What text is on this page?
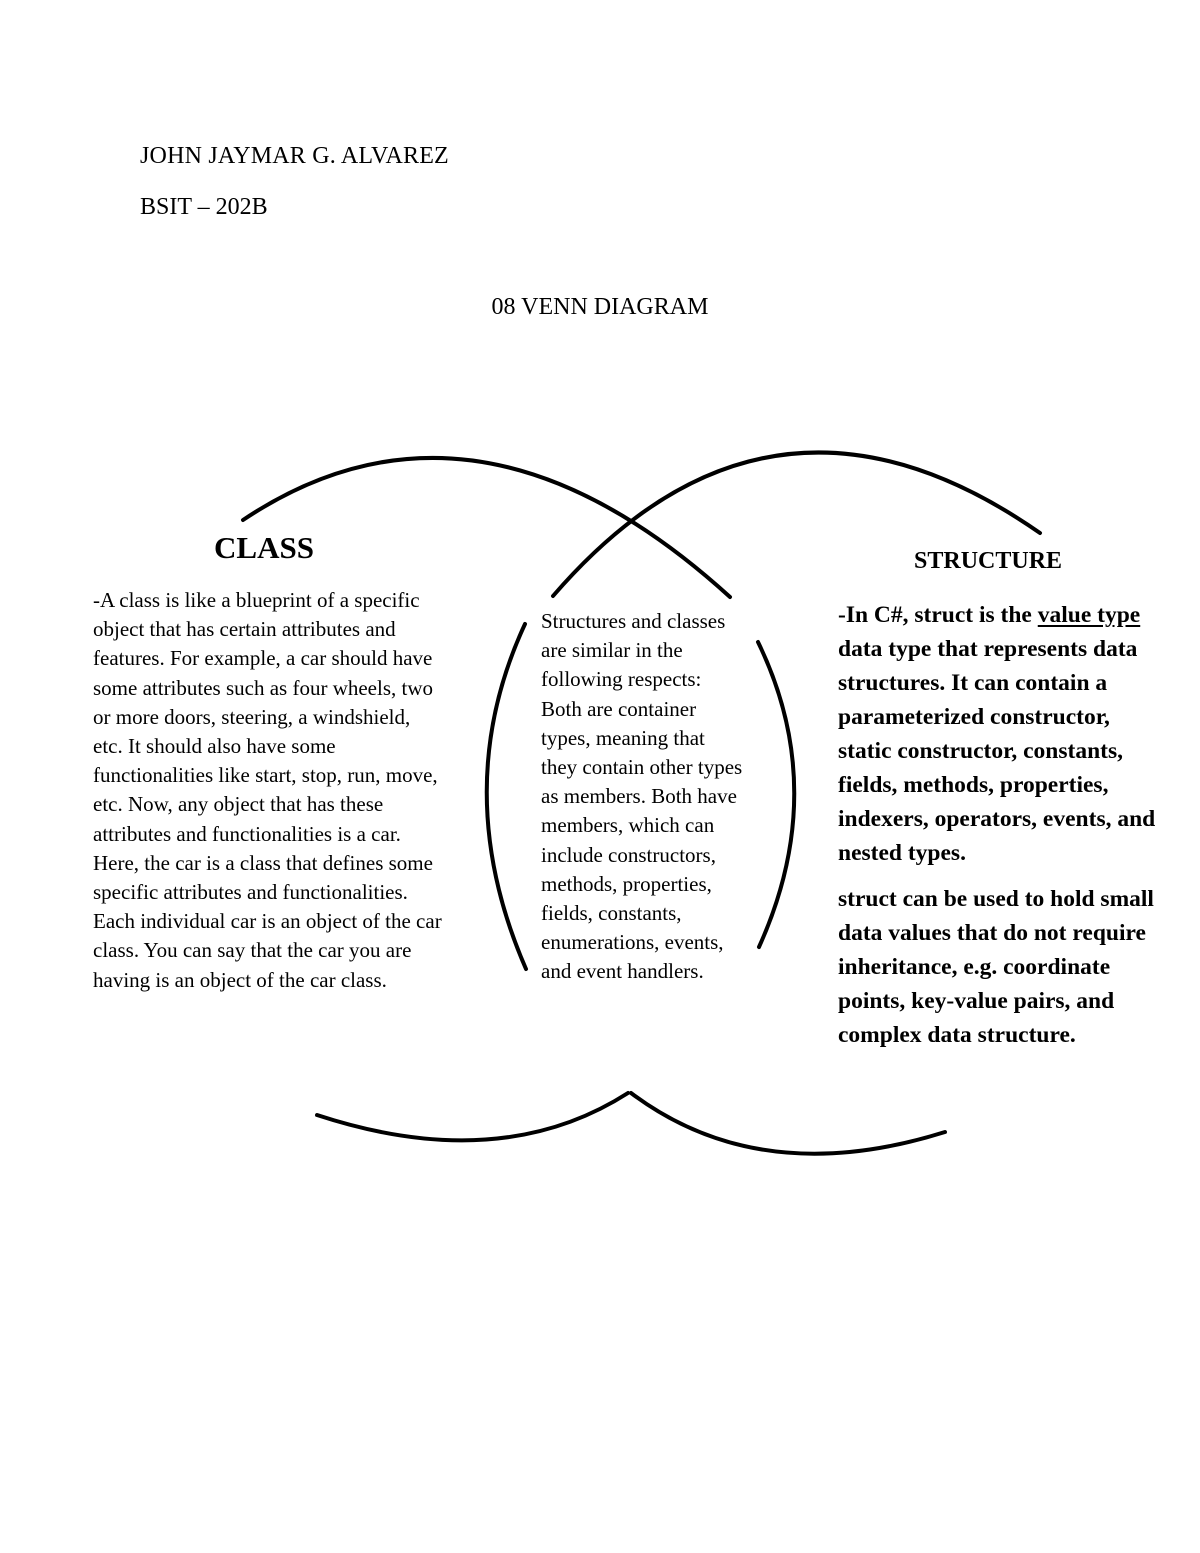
JOHN JAYMAR G. ALVAREZ
BSIT – 202B
08 VENN DIAGRAM
CLASS	STRUCTURE
-A class is like a blueprint of a specific object that has certain attributes and features. For example, a car should have some attributes such as four wheels, two or more doors, steering, a windshield, etc. It should also have some functionalities like start, stop, run, move, etc. Now, any object that has these attributes and functionalities is a car. Here, the car is a class that defines some specific attributes and functionalities. Each individual car is an object of the car class. You can say that the car you are having is an object of the car class.
Structures and classes are similar in the following respects: Both are container types, meaning that they contain other types as members. Both have members, which can include constructors, methods, properties, fields, constants, enumerations, events, and event handlers.

-In C#, struct is the value type data type that represents data structures. It can contain a parameterized constructor, static constructor, constants, fields, methods, properties, indexers, operators, events, and nested types.

struct can be used to hold small data values that do not require inheritance, e.g. coordinate points, key-value pairs, and complex data structure.
